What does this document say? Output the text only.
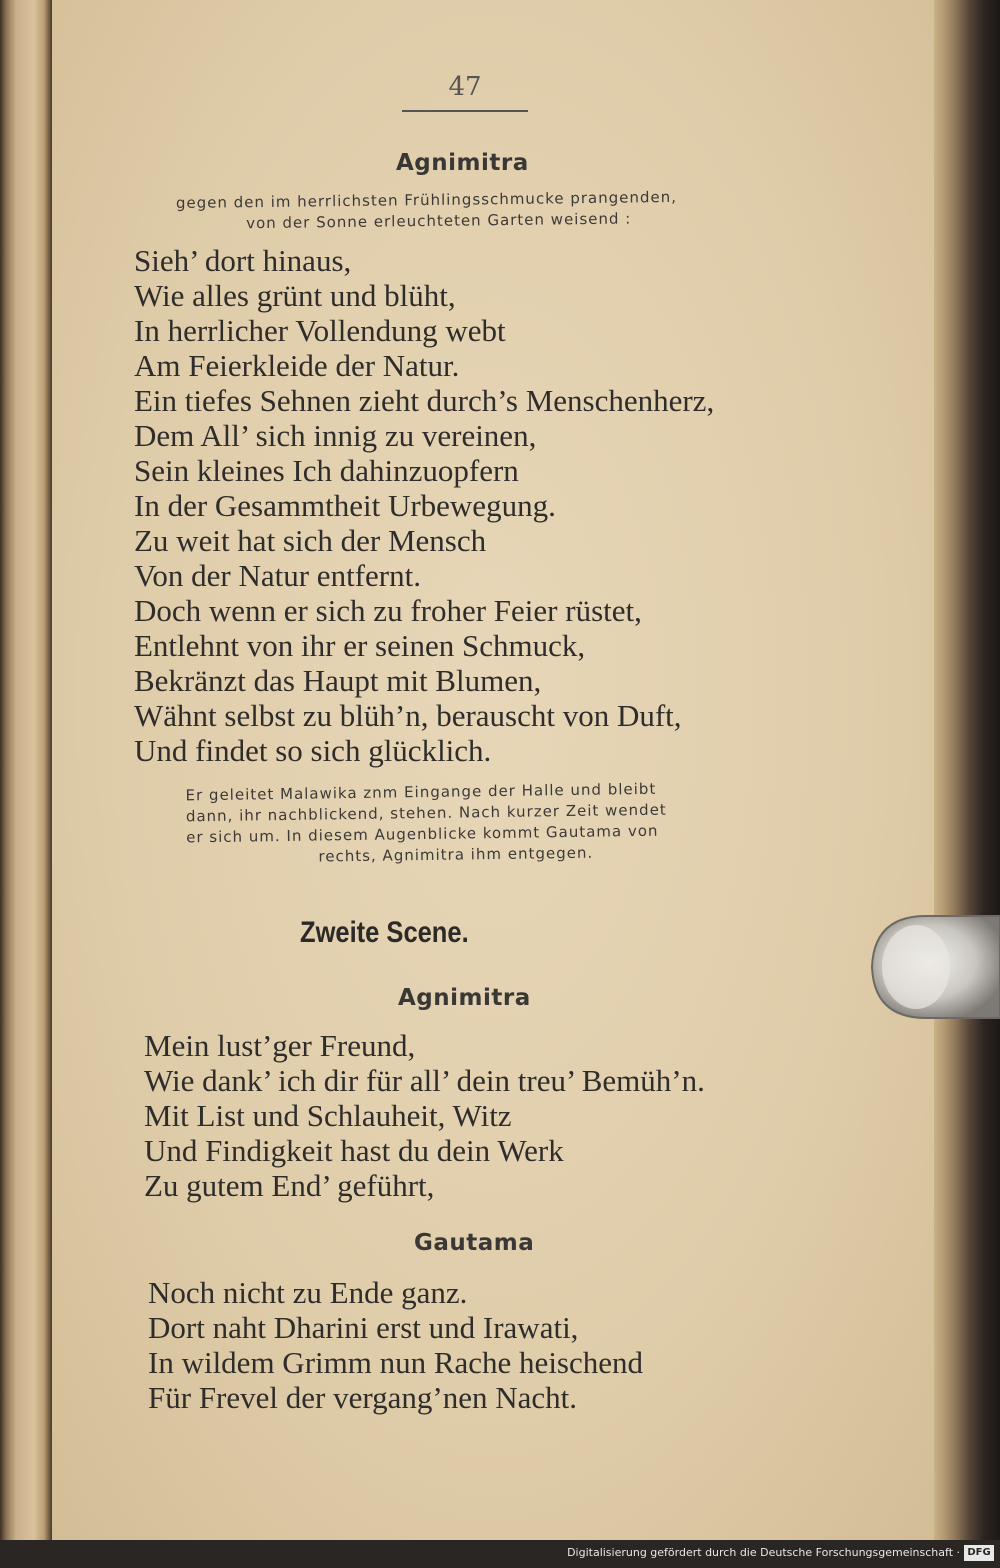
47
Agnimitra
gegen den im herrlichsten Frühlingsschmucke prangenden,
von der Sonne erleuchteten Garten weisend :
Sieh’ dort hinaus,
Wie alles grünt und blüht,
In herrlicher Vollendung webt
Am Feierkleide der Natur.
Ein tiefes Sehnen zieht durch’s Menschenherz,
Dem All’ sich innig zu vereinen,
Sein kleines Ich dahinzuopfern
In der Gesammtheit Urbewegung.
Zu weit hat sich der Mensch
Von der Natur entfernt.
Doch wenn er sich zu froher Feier rüstet,
Entlehnt von ihr er seinen Schmuck,
Bekränzt das Haupt mit Blumen,
Wähnt selbst zu blüh’n, berauscht von Duft,
Und findet so sich glücklich.
Er geleitet Malawika znm Eingange der Halle und bleibt
dann, ihr nachblickend, stehen. Nach kurzer Zeit wendet
er sich um. In diesem Augenblicke kommt Gautama von
rechts, Agnimitra ihm entgegen.
Zweite Scene.
Agnimitra
Mein lust’ger Freund,
Wie dank’ ich dir für all’ dein treu’ Bemüh’n.
Mit List und Schlauheit, Witz
Und Findigkeit hast du dein Werk
Zu gutem End’ geführt,
Gautama
Noch nicht zu Ende ganz.
Dort naht Dharini erst und Irawati,
In wildem Grimm nun Rache heischend
Für Frevel der vergang’nen Nacht.
Digitalisierung gefördert durch die Deutsche Forschungsgemeinschaft · DFG
